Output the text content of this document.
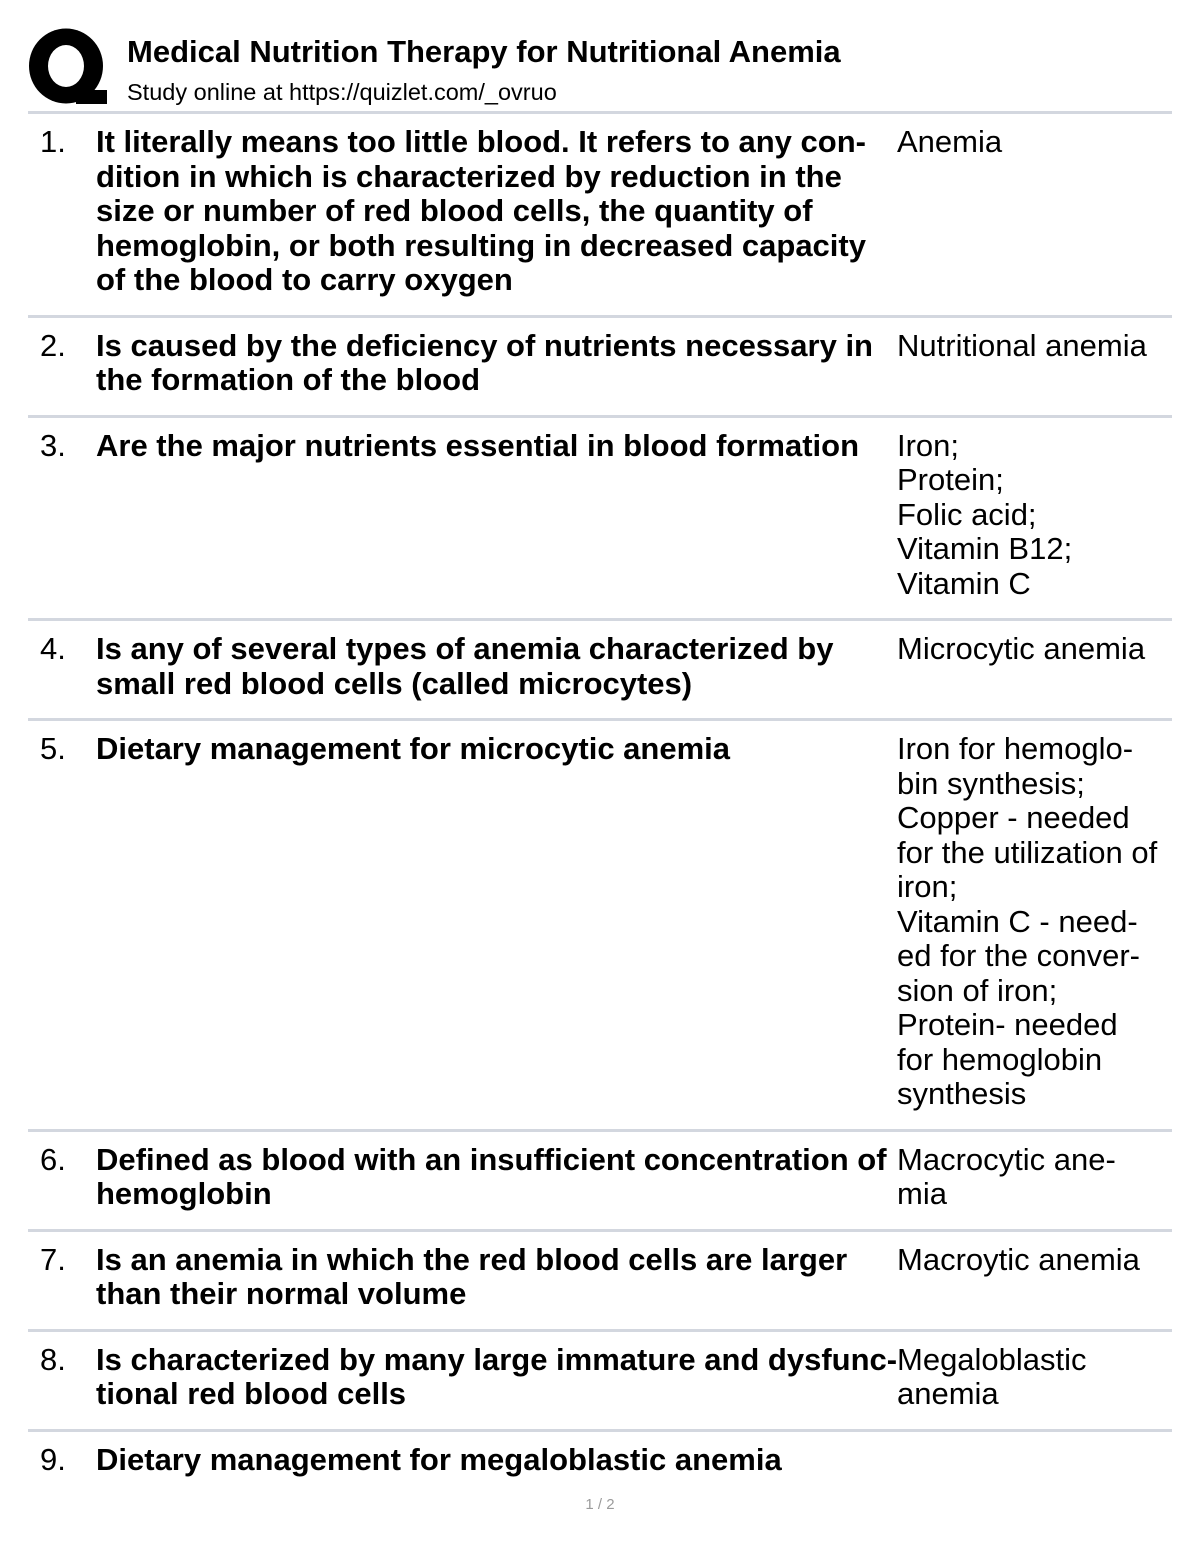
Medical Nutrition Therapy for Nutritional Anemia
Study online at https://quizlet.com/_ovruo
1. It literally means too little blood. It refers to any con-
dition in which is characterized by reduction in the
size or number of red blood cells, the quantity of
hemoglobin, or both resulting in decreased capacity
of the blood to carry oxygen
Anemia
2. Is caused by the deficiency of nutrients necessary in
the formation of the blood
Nutritional anemia
3. Are the major nutrients essential in blood formation	Iron;
Protein;
Folic acid;
Vitamin B12;
Vitamin C
4. Is any of several types of anemia characterized by
small red blood cells (called microcytes)
Microcytic anemia
5. Dietary management for microcytic anemia	Iron for hemoglo-
bin synthesis;
Copper - needed
for the utilization of
iron;
Vitamin C - need-
ed for the conver-
sion of iron;
Protein- needed
for hemoglobin
synthesis
6. Defined as blood with an insufficient concentration of
hemoglobin
Macrocytic ane-
mia
7. Is an anemia in which the red blood cells are larger
than their normal volume
Macroytic anemia
8. Is characterized by many large immature and dysfunc-
tional red blood cells
Megaloblastic
anemia
9. Dietary management for megaloblastic anemia
1 / 2
